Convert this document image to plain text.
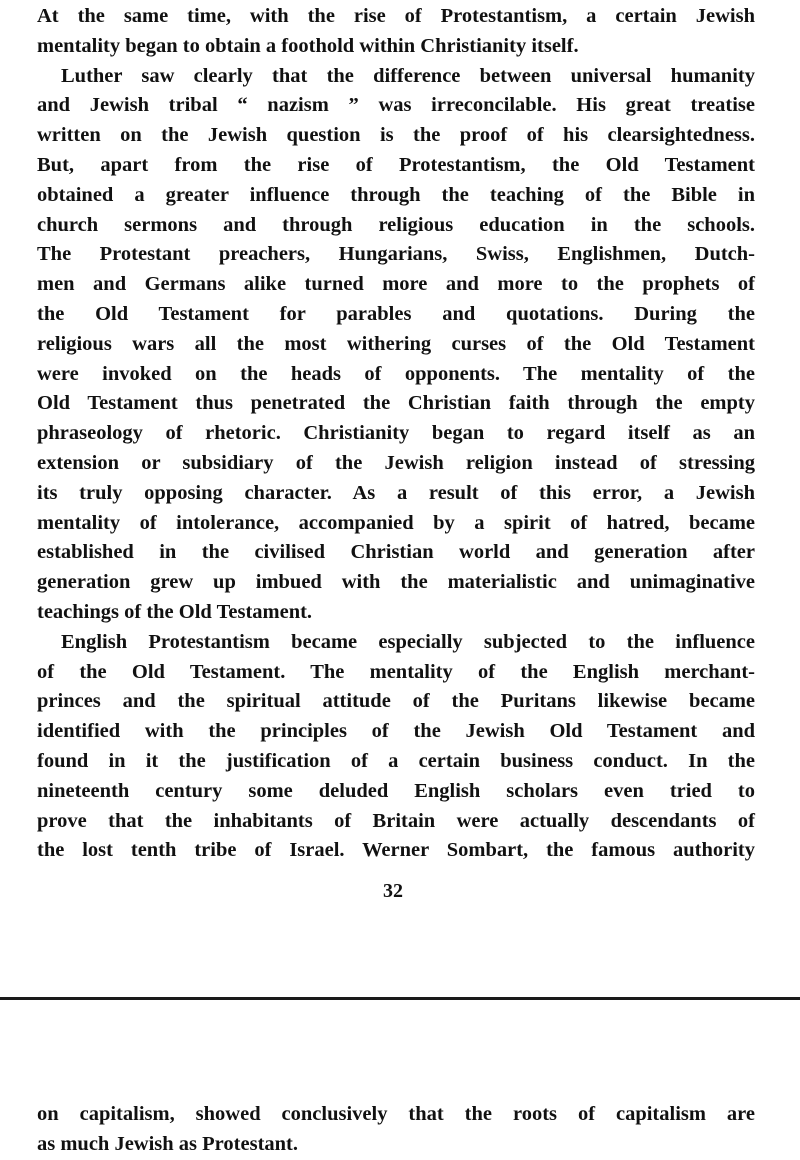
At the same time, with the rise of Protestantism, a certain Jewish
mentality began to obtain a foothold within Christianity itself.
Luther saw clearly that the difference between universal humanity
and Jewish tribal “ nazism ” was irreconcilable. His great treatise
written on the Jewish question is the proof of his clearsightedness.
But, apart from the rise of Protestantism, the Old Testament
obtained a greater influence through the teaching of the Bible in
church sermons and through religious education in the schools.
The Protestant preachers, Hungarians, Swiss, Englishmen, Dutch-
men and Germans alike turned more and more to the prophets of
the Old Testament for parables and quotations. During the
religious wars all the most withering curses of the Old Testament
were invoked on the heads of opponents. The mentality of the
Old Testament thus penetrated the Christian faith through the empty
phraseology of rhetoric. Christianity began to regard itself as an
extension or subsidiary of the Jewish religion instead of stressing
its truly opposing character. As a result of this error, a Jewish
mentality of intolerance, accompanied by a spirit of hatred, became
established in the civilised Christian world and generation after
generation grew up imbued with the materialistic and unimaginative
teachings of the Old Testament.
English Protestantism became especially subjected to the influence
of the Old Testament. The mentality of the English merchant-
princes and the spiritual attitude of the Puritans likewise became
identified with the principles of the Jewish Old Testament and
found in it the justification of a certain business conduct. In the
nineteenth century some deluded English scholars even tried to
prove that the inhabitants of Britain were actually descendants of
the lost tenth tribe of Israel. Werner Sombart, the famous authority
32
on capitalism, showed conclusively that the roots of capitalism are
as much Jewish as Protestant.
